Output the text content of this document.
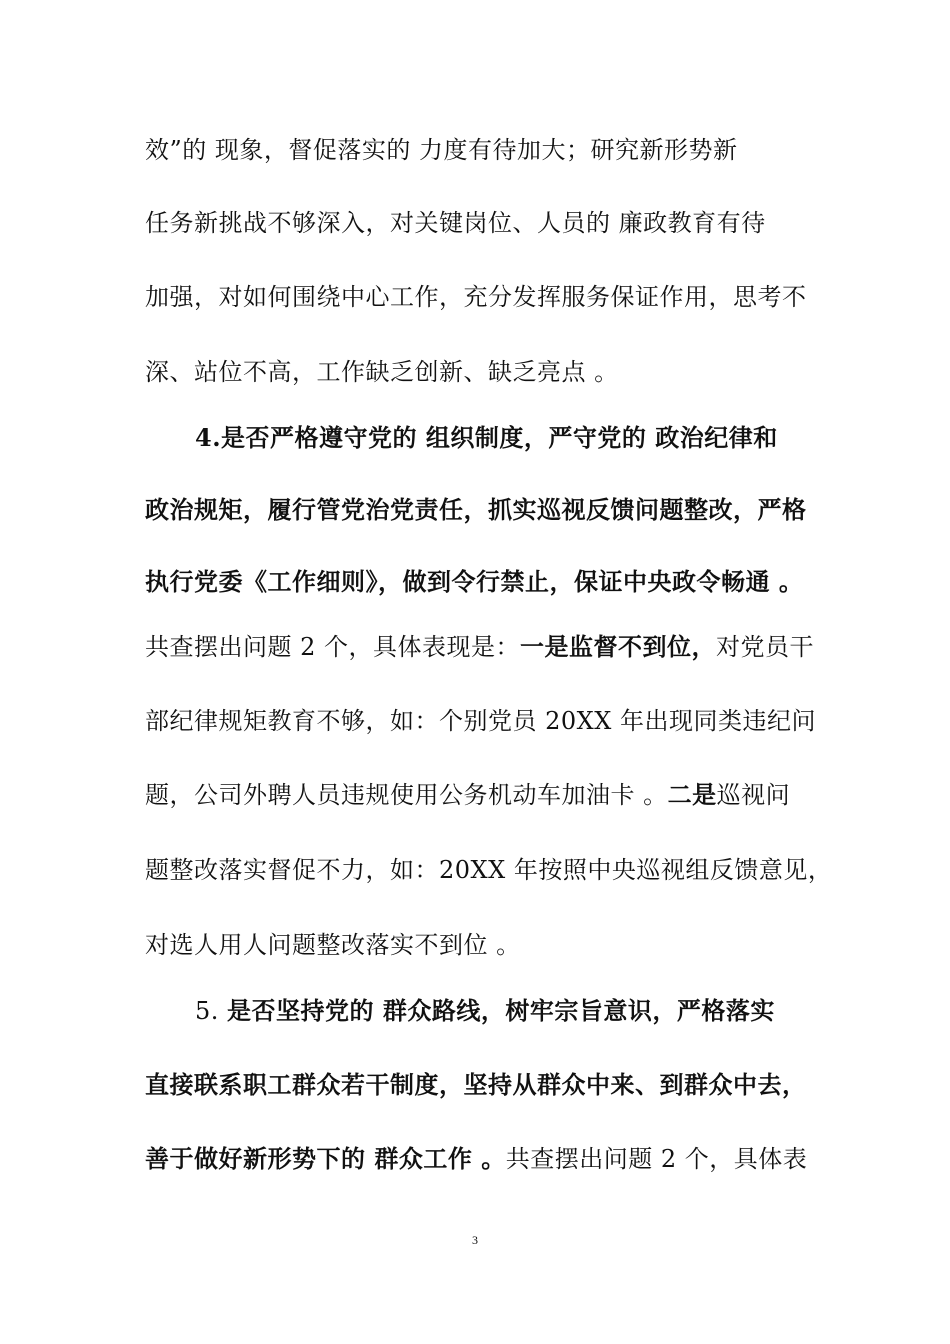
效”的 现象，督促落实的 力度有待加大；研究新形势新
任务新挑战不够深入，对关键岗位、人员的 廉政教育有待
加强，对如何围绕中心工作，充分发挥服务保证作用，思考不
深、站位不高，工作缺乏创新、缺乏亮点 。
4.是否严格遵守党的 组织制度，严守党的 政治纪律和
政治规矩，履行管党治党责任，抓实巡视反馈问题整改，严格
执行党委《工作细则》，做到令行禁止，保证中央政令畅通 。
共查摆出问题 2 个，具体表现是：一是监督不到位，对党员干
部纪律规矩教育不够，如：个别党员 20XX 年出现同类违纪问
题，公司外聘人员违规使用公务机动车加油卡 。二是巡视问
题整改落实督促不力，如：20XX 年按照中央巡视组反馈意见，
对选人用人问题整改落实不到位 。
5. 是否坚持党的 群众路线，树牢宗旨意识，严格落实
直接联系职工群众若干制度，坚持从群众中来、到群众中去，
善于做好新形势下的 群众工作 。共查摆出问题 2 个，具体表
3
